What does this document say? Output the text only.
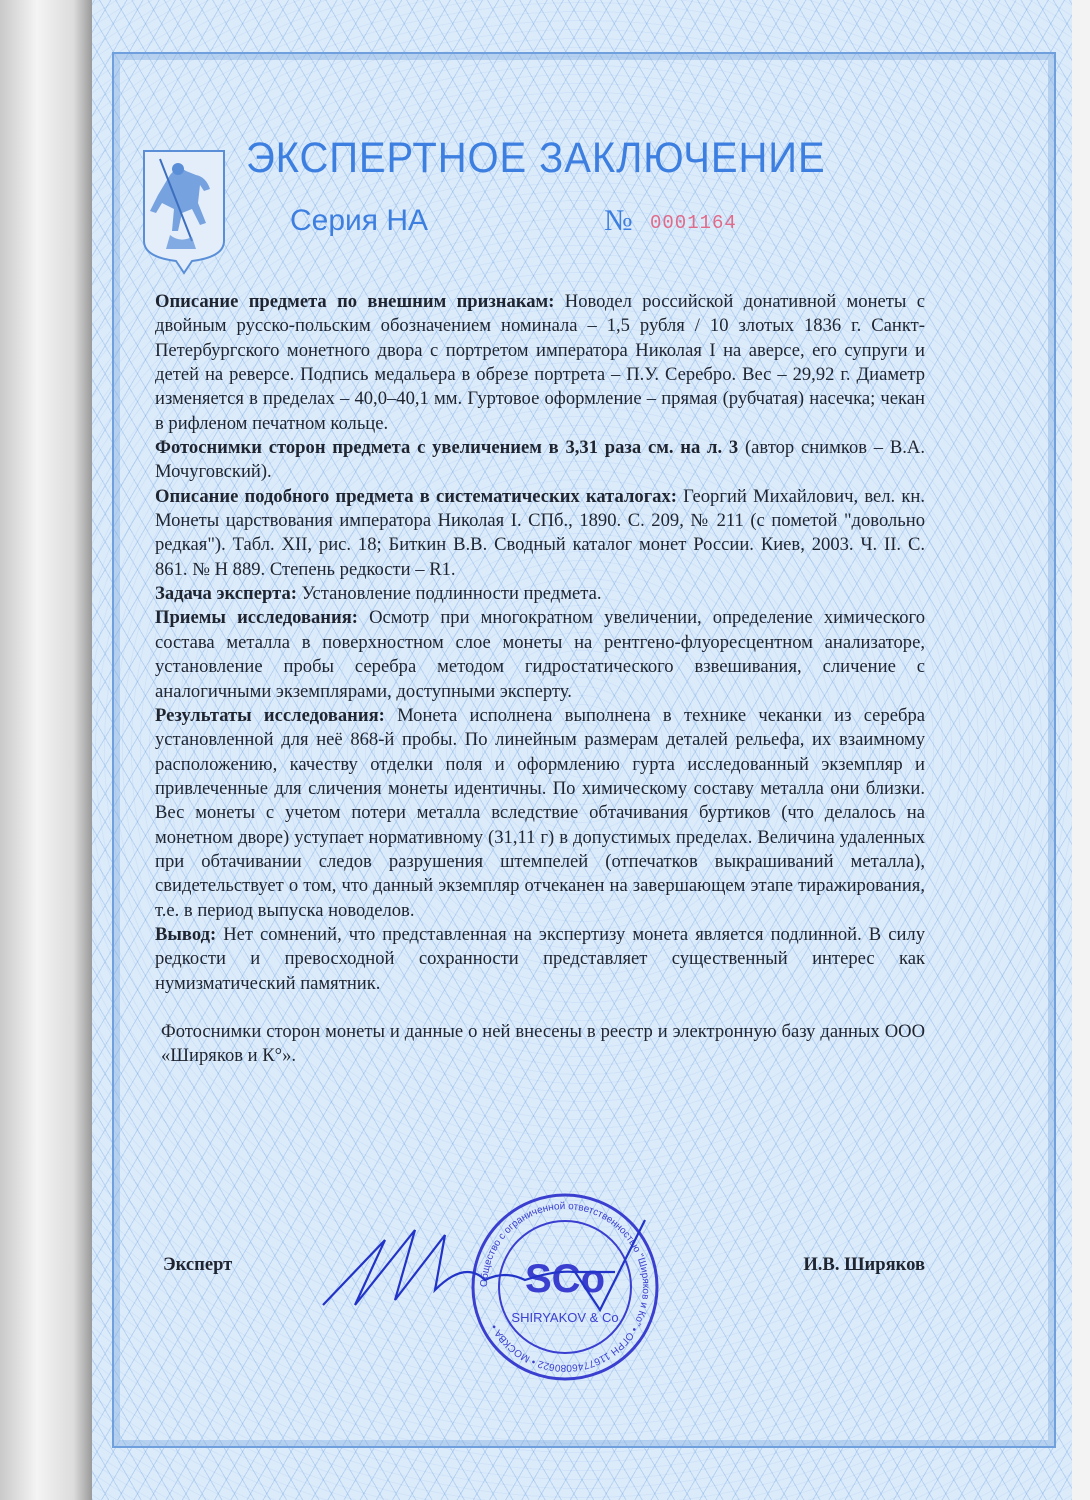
ЭКСПЕРТНОЕ ЗАКЛЮЧЕНИЕ
Серия НА	№ 0001164

Описание предмета по внешним признакам: Новодел российской донативной монеты с двойным русско-польским обозначением номинала – 1,5 рубля / 10 злотых 1836 г. Санкт-Петербургского монетного двора с портретом императора Николая I на аверсе, его супруги и детей на реверсе. Подпись медальера в обрезе портрета – П.У. Серебро. Вес – 29,92 г. Диаметр изменяется в пределах – 40,0–40,1 мм. Гуртовое оформление – прямая (рубчатая) насечка; чекан в рифленом печатном кольце.

Фотоснимки сторон предмета с увеличением в 3,31 раза см. на л. 3 (автор снимков – В.А. Мочуговский).

Описание подобного предмета в систематических каталогах: Георгий Михайлович, вел. кн. Монеты царствования императора Николая I. СПб., 1890. С. 209, № 211 (с пометой "довольно редкая"). Табл. XII, рис. 18; Биткин В.В. Сводный каталог монет России. Киев, 2003. Ч. II. С. 861. № Н 889. Степень редкости – R1.

Задача эксперта: Установление подлинности предмета.

Приемы исследования: Осмотр при многократном увеличении, определение химического состава металла в поверхностном слое монеты на рентгено-флуоресцентном анализаторе, установление пробы серебра методом гидростатического взвешивания, сличение с аналогичными экземплярами, доступными эксперту.

Результаты исследования: Монета исполнена выполнена в технике чеканки из серебра установленной для неё 868-й пробы. По линейным размерам деталей рельефа, их взаимному расположению, качеству отделки поля и оформлению гурта исследованный экземпляр и привлеченные для сличения монеты идентичны. По химическому составу металла они близки. Вес монеты с учетом потери металла вследствие обтачивания буртиков (что делалось на монетном дворе) уступает нормативному (31,11 г) в допустимых пределах. Величина удаленных при обтачивании следов разрушения штемпелей (отпечатков выкрашиваний металла), свидетельствует о том, что данный экземпляр отчеканен на завершающем этапе тиражирования, т.е. в период выпуска новоделов.

Вывод: Нет сомнений, что представленная на экспертизу монета является подлинной. В силу редкости и превосходной сохранности представляет существенный интерес как нумизматический памятник.

Фотоснимки сторон монеты и данные о ней внесены в реестр и электронную базу данных ООО «Ширяков и К°».

Эксперт	И.В. Ширяков
Общество с ограниченной ответственностью "Ширяков и Ко" • ОГРН 1167746080622 • МОСКВА •
SCo
SHIRYAKOV & Co
